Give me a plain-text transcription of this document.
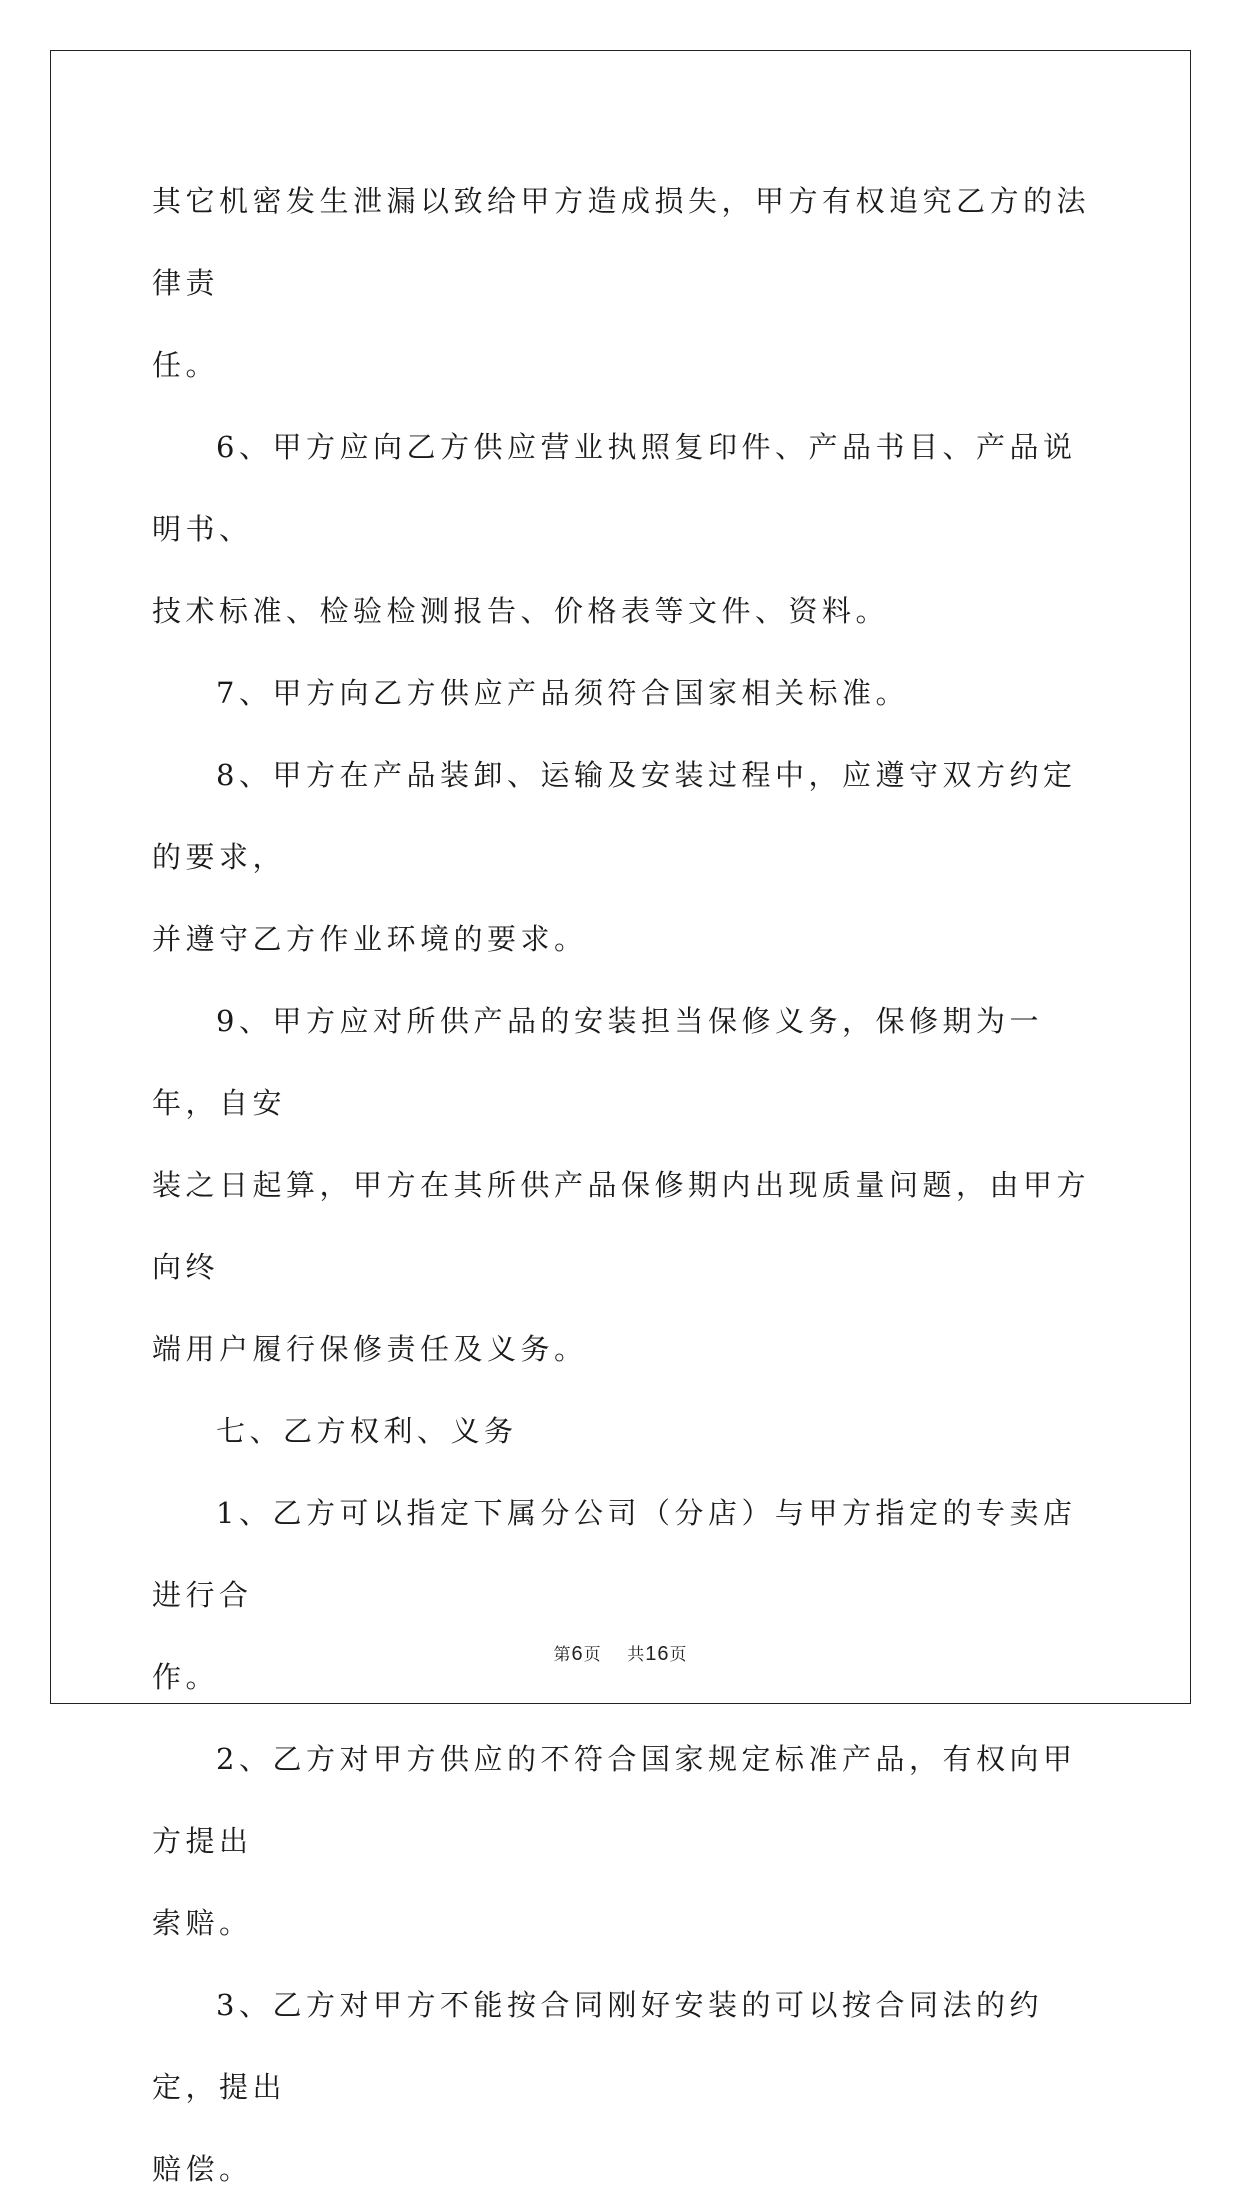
其它机密发生泄漏以致给甲方造成损失，甲方有权追究乙方的法律责
任。

6、甲方应向乙方供应营业执照复印件、产品书目、产品说明书、
技术标准、检验检测报告、价格表等文件、资料。

7、甲方向乙方供应产品须符合国家相关标准。

8、甲方在产品装卸、运输及安装过程中，应遵守双方约定的要求，
并遵守乙方作业环境的要求。

9、甲方应对所供产品的安装担当保修义务，保修期为一年，自安
装之日起算，甲方在其所供产品保修期内出现质量问题，由甲方向终
端用户履行保修责任及义务。

七、乙方权利、义务

1、乙方可以指定下属分公司（分店）与甲方指定的专卖店进行合
作。

2、乙方对甲方供应的不符合国家规定标准产品，有权向甲方提出
索赔。

3、乙方对甲方不能按合同刚好安装的可以按合同法的约定，提出
赔偿。

第6页 共16页
